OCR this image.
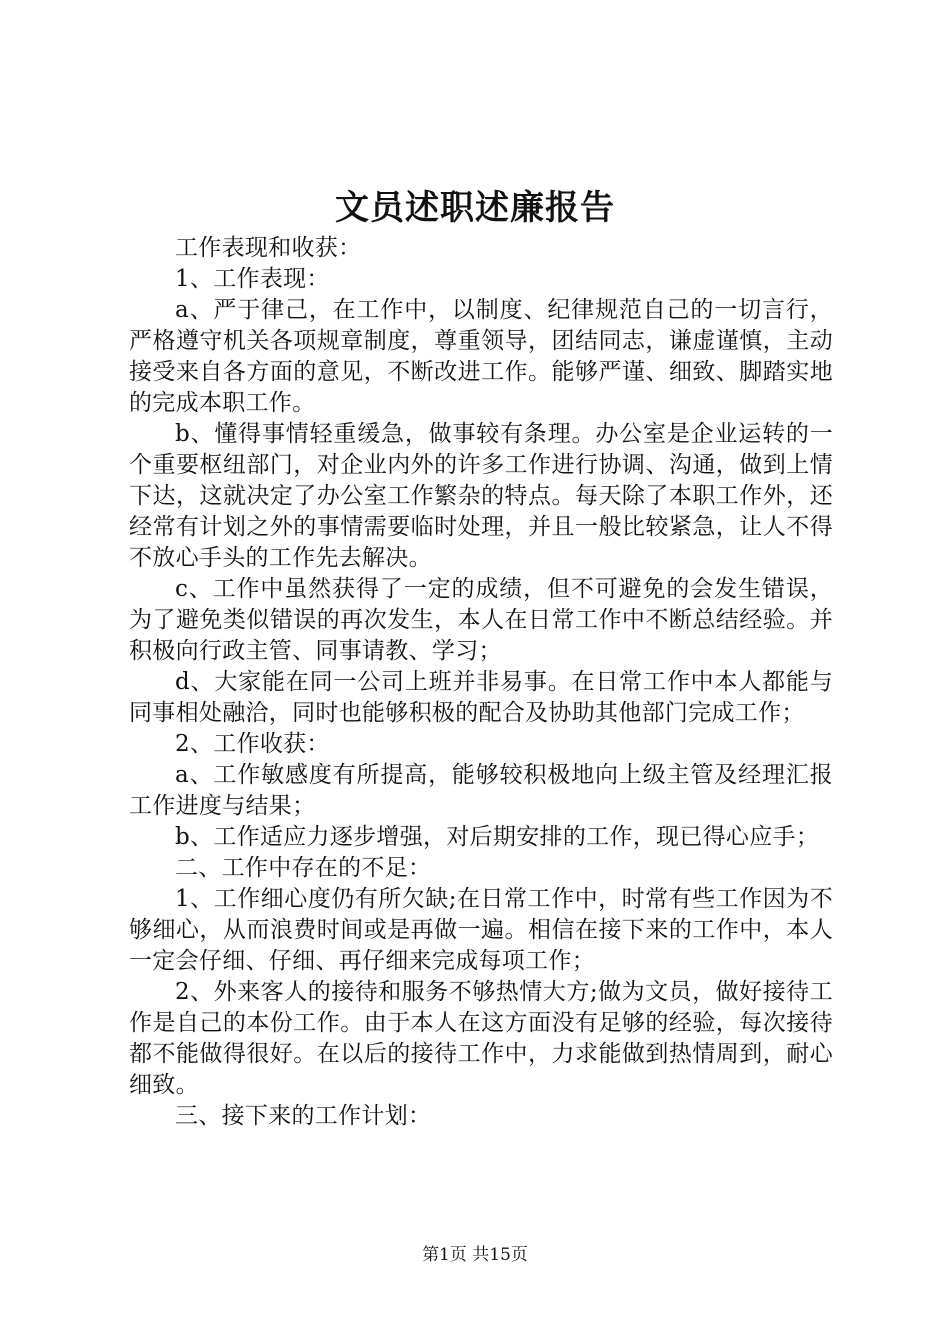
文员述职述廉报告

工作表现和收获：

1、工作表现：

a、严于律己，在工作中，以制度、纪律规范自己的一切言行，严格遵守机关各项规章制度，尊重领导，团结同志，谦虚谨慎，主动接受来自各方面的意见，不断改进工作。能够严谨、细致、脚踏实地的完成本职工作。

b、懂得事情轻重缓急，做事较有条理。办公室是企业运转的一个重要枢纽部门，对企业内外的许多工作进行协调、沟通，做到上情下达，这就决定了办公室工作繁杂的特点。每天除了本职工作外，还经常有计划之外的事情需要临时处理，并且一般比较紧急，让人不得不放心手头的工作先去解决。

c、工作中虽然获得了一定的成绩，但不可避免的会发生错误，为了避免类似错误的再次发生，本人在日常工作中不断总结经验。并积极向行政主管、同事请教、学习；

d、大家能在同一公司上班并非易事。在日常工作中本人都能与同事相处融洽，同时也能够积极的配合及协助其他部门完成工作；

2、工作收获：

a、工作敏感度有所提高，能够较积极地向上级主管及经理汇报工作进度与结果；

b、工作适应力逐步增强，对后期安排的工作，现已得心应手；

二、工作中存在的不足：

1、工作细心度仍有所欠缺;在日常工作中，时常有些工作因为不够细心，从而浪费时间或是再做一遍。相信在接下来的工作中，本人一定会仔细、仔细、再仔细来完成每项工作；

2、外来客人的接待和服务不够热情大方;做为文员，做好接待工作是自己的本份工作。由于本人在这方面没有足够的经验，每次接待都不能做得很好。在以后的接待工作中，力求能做到热情周到，耐心细致。

三、接下来的工作计划：

第1页 共15页
